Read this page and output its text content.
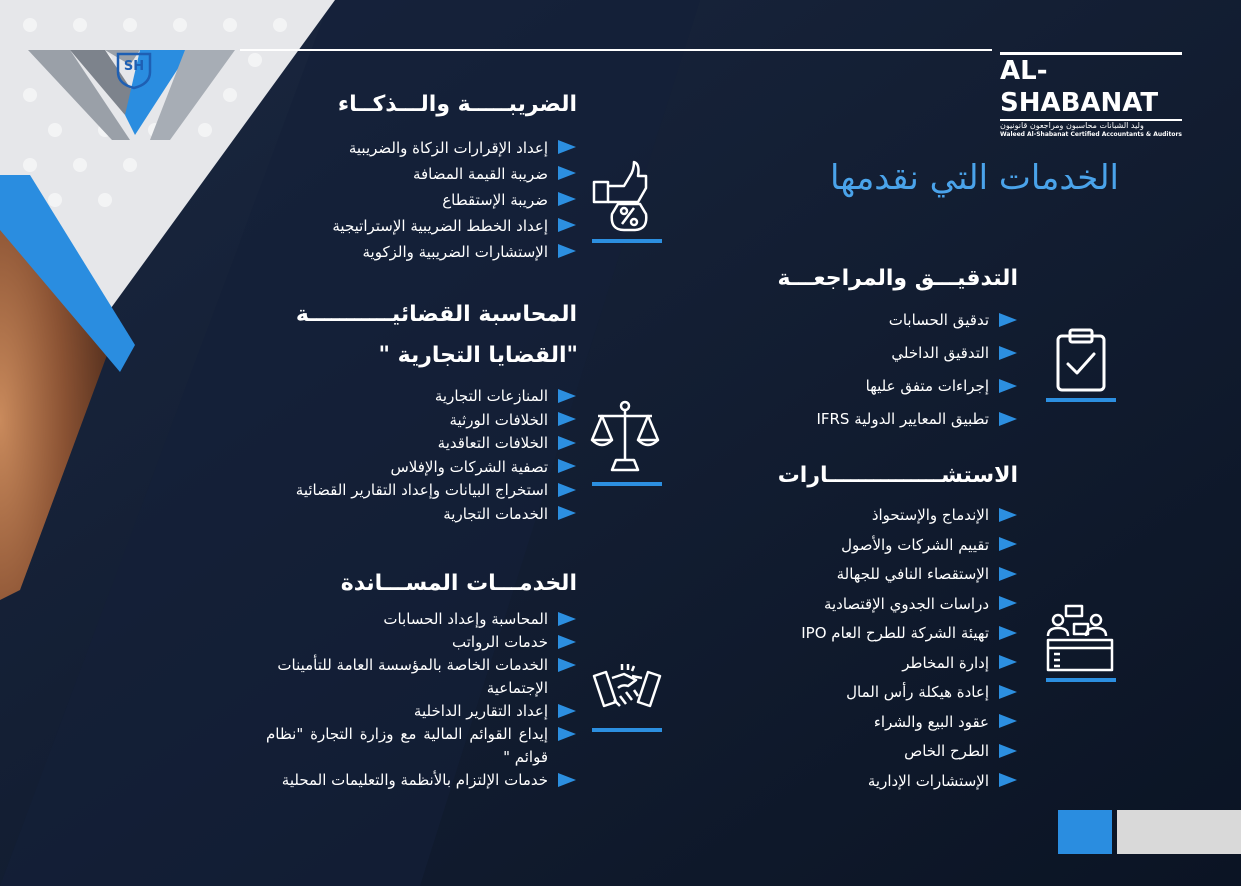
SH	AL-SHABANAT
وليد الشبانات محاسبون ومراجعون قانونيون
Waleed Al-Shabanat Certified Accountants & Auditors
الخدمات التي نقدمها
الضريبـــــة والـــذكــاء
إعداد الإقرارات الزكاة والضريبية
ضريبة القيمة المضافة
ضريبة الإستقطاع
إعداد الخطط الضريبية الإستراتيجية
الإستشارات الضريبية والزكوية
المحاسبة القضائيـــــــــــة
"القضايا التجارية "
المنازعات التجارية
الخلافات الورثية
الخلافات التعاقدية
تصفية الشركات والإفلاس
استخراج البيانات وإعداد التقارير القضائية
الخدمات التجارية
الخدمـــات المســـاندة
المحاسبة وإعداد الحسابات
خدمات الرواتب
الخدمات الخاصة بالمؤسسة العامة للتأمينات الإجتماعية
إعداد التقارير الداخلية
إيداع القوائم المالية مع وزارة التجارة "نظام قوائم "
خدمات الإلتزام بالأنظمة والتعليمات المحلية
التدقيـــق والمراجعـــة
تدقيق الحسابات
التدقيق الداخلي
إجراءات متفق عليها
تطبيق المعايير الدولية IFRS
الاستشـــــــــــــــارات
الإندماج والإستحواذ
تقييم الشركات والأصول
الإستقصاء النافي للجهالة
دراسات الجدوي الإقتصادية
تهيئة الشركة للطرح العام IPO
إدارة المخاطر
إعادة هيكلة رأس المال
عقود البيع والشراء
الطرح الخاص
الإستشارات الإدارية
